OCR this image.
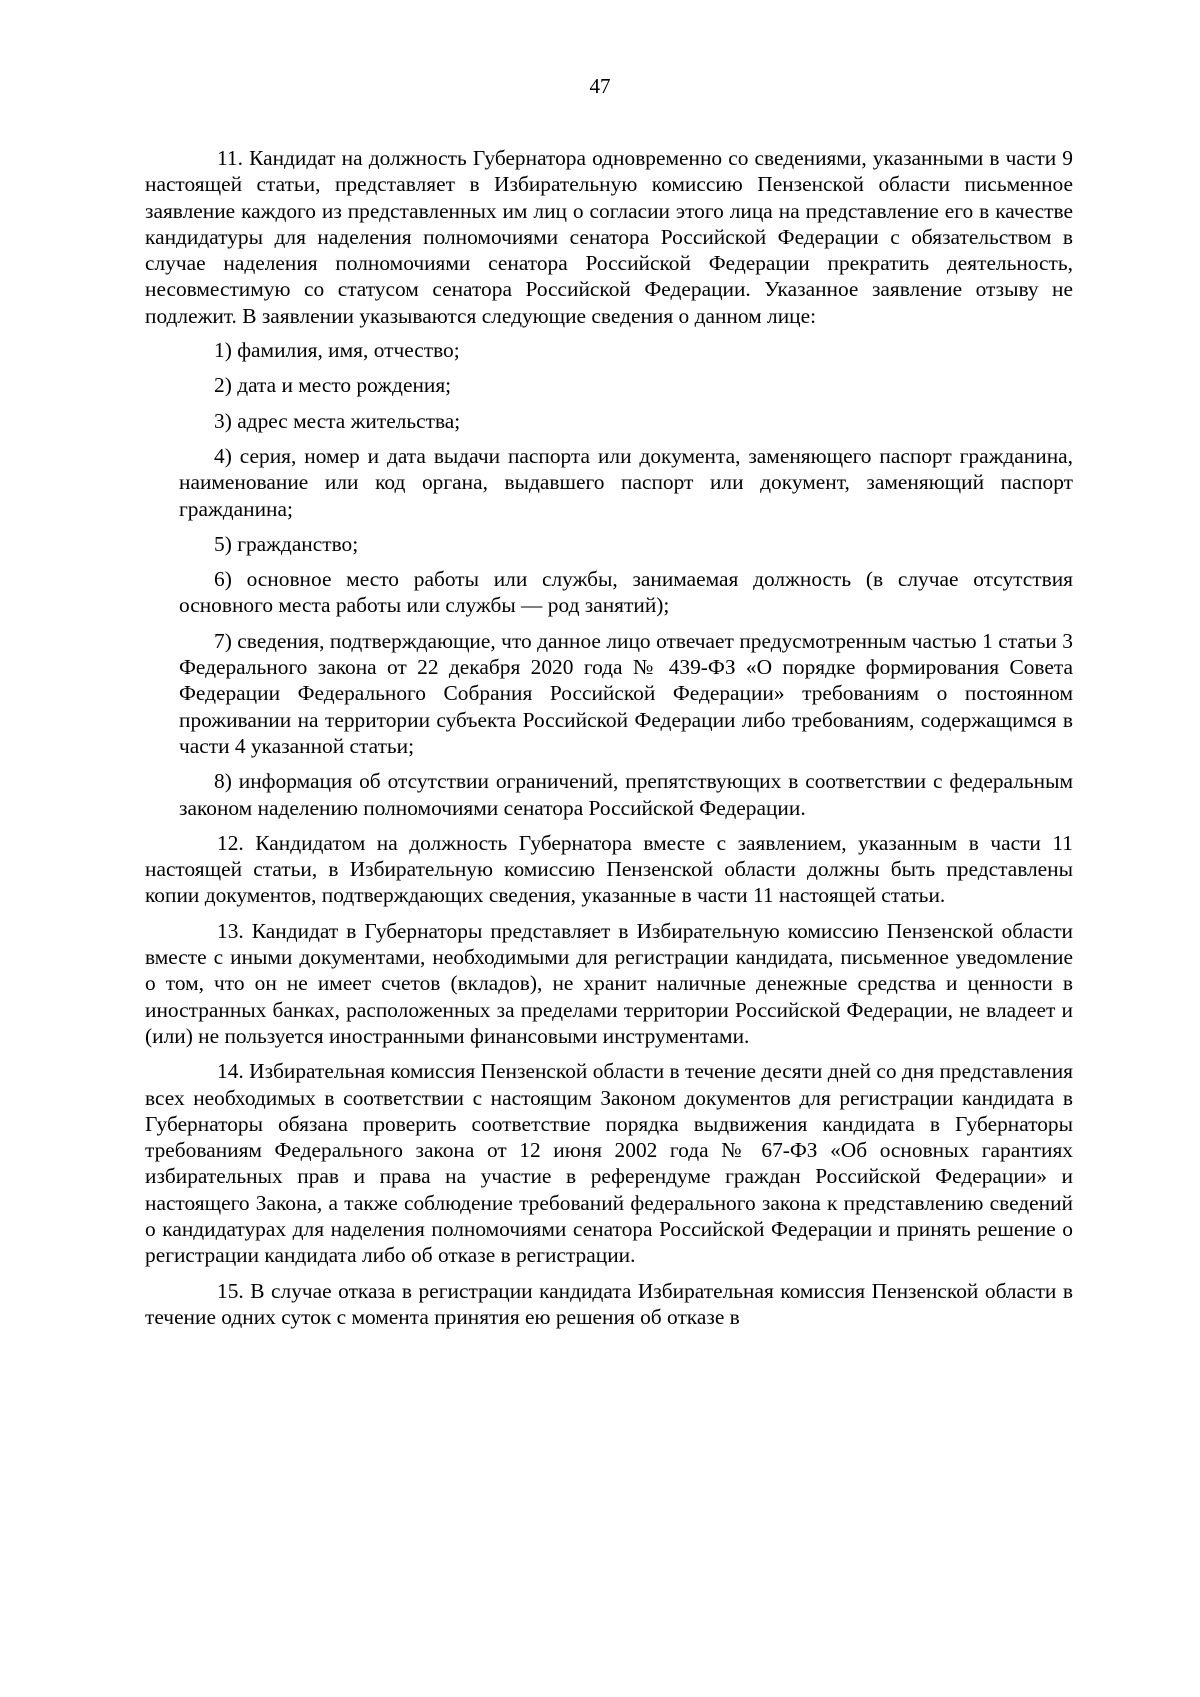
47

11. Кандидат на должность Губернатора одновременно со сведениями, указанными в части 9 настоящей статьи, представляет в Избирательную комиссию Пензенской области письменное заявление каждого из представленных им лиц о согласии этого лица на представление его в качестве кандидатуры для наделения полномочиями сенатора Российской Федерации с обязательством в случае наделения полномочиями сенатора Российской Федерации прекратить деятельность, несовместимую со статусом сенатора Российской Федерации. Указанное заявление отзыву не подлежит. В заявлении указываются следующие сведения о данном лице:

1) фамилия, имя, отчество;

2) дата и место рождения;

3) адрес места жительства;

4) серия, номер и дата выдачи паспорта или документа, заменяющего паспорт гражданина, наименование или код органа, выдавшего паспорт или документ, заменяющий паспорт гражданина;

5) гражданство;

6) основное место работы или службы, занимаемая должность (в случае отсутствия основного места работы или службы — род занятий);

7) сведения, подтверждающие, что данное лицо отвечает предусмотренным частью 1 статьи 3 Федерального закона от 22 декабря 2020 года № 439-ФЗ «О порядке формирования Совета Федерации Федерального Собрания Российской Федерации» требованиям о постоянном проживании на территории субъекта Российской Федерации либо требованиям, содержащимся в части 4 указанной статьи;

8) информация об отсутствии ограничений, препятствующих в соответствии с федеральным законом наделению полномочиями сенатора Российской Федерации.

12. Кандидатом на должность Губернатора вместе с заявлением, указанным в части 11 настоящей статьи, в Избирательную комиссию Пензенской области должны быть представлены копии документов, подтверждающих сведения, указанные в части 11 настоящей статьи.

13. Кандидат в Губернаторы представляет в Избирательную комиссию Пензенской области вместе с иными документами, необходимыми для регистрации кандидата, письменное уведомление о том, что он не имеет счетов (вкладов), не хранит наличные денежные средства и ценности в иностранных банках, расположенных за пределами территории Российской Федерации, не владеет и (или) не пользуется иностранными финансовыми инструментами.

14. Избирательная комиссия Пензенской области в течение десяти дней со дня представления всех необходимых в соответствии с настоящим Законом документов для регистрации кандидата в Губернаторы обязана проверить соответствие порядка выдвижения кандидата в Губернаторы требованиям Федерального закона от 12 июня 2002 года № 67-ФЗ «Об основных гарантиях избирательных прав и права на участие в референдуме граждан Российской Федерации» и настоящего Закона, а также соблюдение требований федерального закона к представлению сведений о кандидатурах для наделения полномочиями сенатора Российской Федерации и принять решение о регистрации кандидата либо об отказе в регистрации.

15. В случае отказа в регистрации кандидата Избирательная комиссия Пензенской области в течение одних суток с момента принятия ею решения об отказе в
